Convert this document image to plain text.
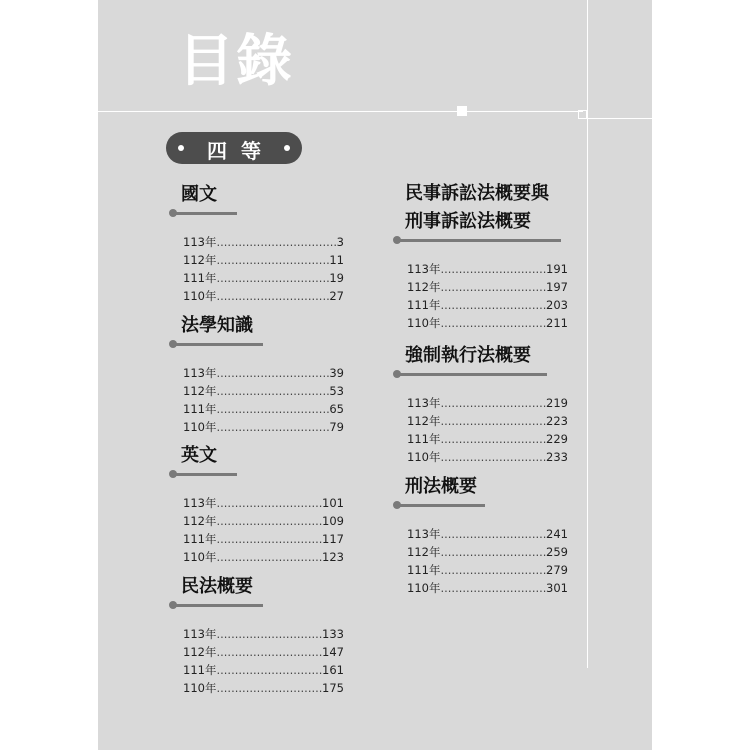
目錄
四等
國文
113年 .....	3
112年 .....	11
111年 .....	19
110年 .....	27
法學知識
113年 .....	39
112年 .....	53
111年 .....	65
110年 .....	79
英文
113年 .....	101
112年 .....	109
111年 .....	117
110年 .....	123
民法概要
113年 .....	133
112年 .....	147
111年 .....	161
110年 .....	175
民事訴訟法概要與
刑事訴訟法概要
113年 .....	191
112年 .....	197
111年 .....	203
110年 .....	211
強制執行法概要
113年 .....	219
112年 .....	223
111年 .....	229
110年 .....	233
刑法概要
113年 .....	241
112年 .....	259
111年 .....	279
110年 .....	301
